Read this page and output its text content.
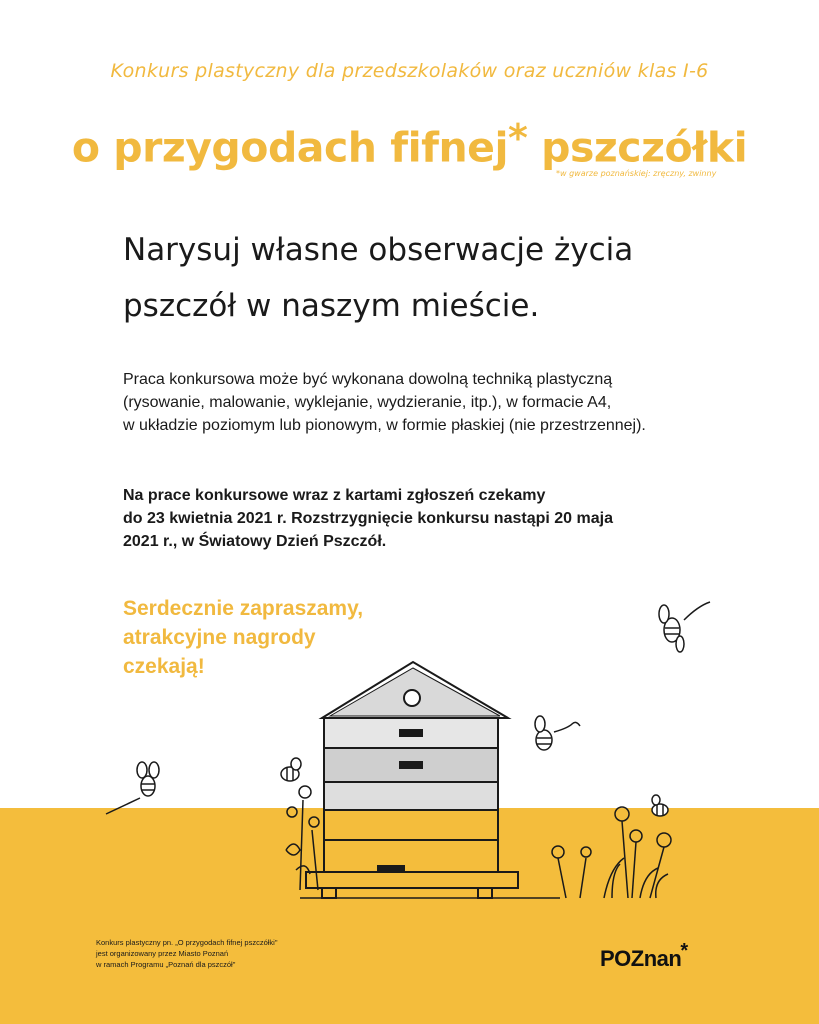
Konkurs plastyczny dla przedszkolaków oraz uczniów klas I-6
o przygodach fifnej* pszczółki
*w gwarze poznańskiej: zręczny, zwinny
Narysuj własne obserwacje życia
pszczół w naszym mieście.
Praca konkursowa może być wykonana dowolną techniką plastyczną
(rysowanie, malowanie, wyklejanie, wydzieranie, itp.), w formacie A4,
w układzie poziomym lub pionowym, w formie płaskiej (nie przestrzennej).
Na prace konkursowe wraz z kartami zgłoszeń czekamy
do 23 kwietnia 2021 r. Rozstrzygnięcie konkursu nastąpi 20 maja
2021 r., w Światowy Dzień Pszczół.
Serdecznie zapraszamy,
atrakcyjne nagrody
czekają!
Konkurs plastyczny pn. „O przygodach fifnej pszczółki"
jest organizowany przez Miasto Poznań
w ramach Programu „Poznań dla pszczół"	POZnan*
